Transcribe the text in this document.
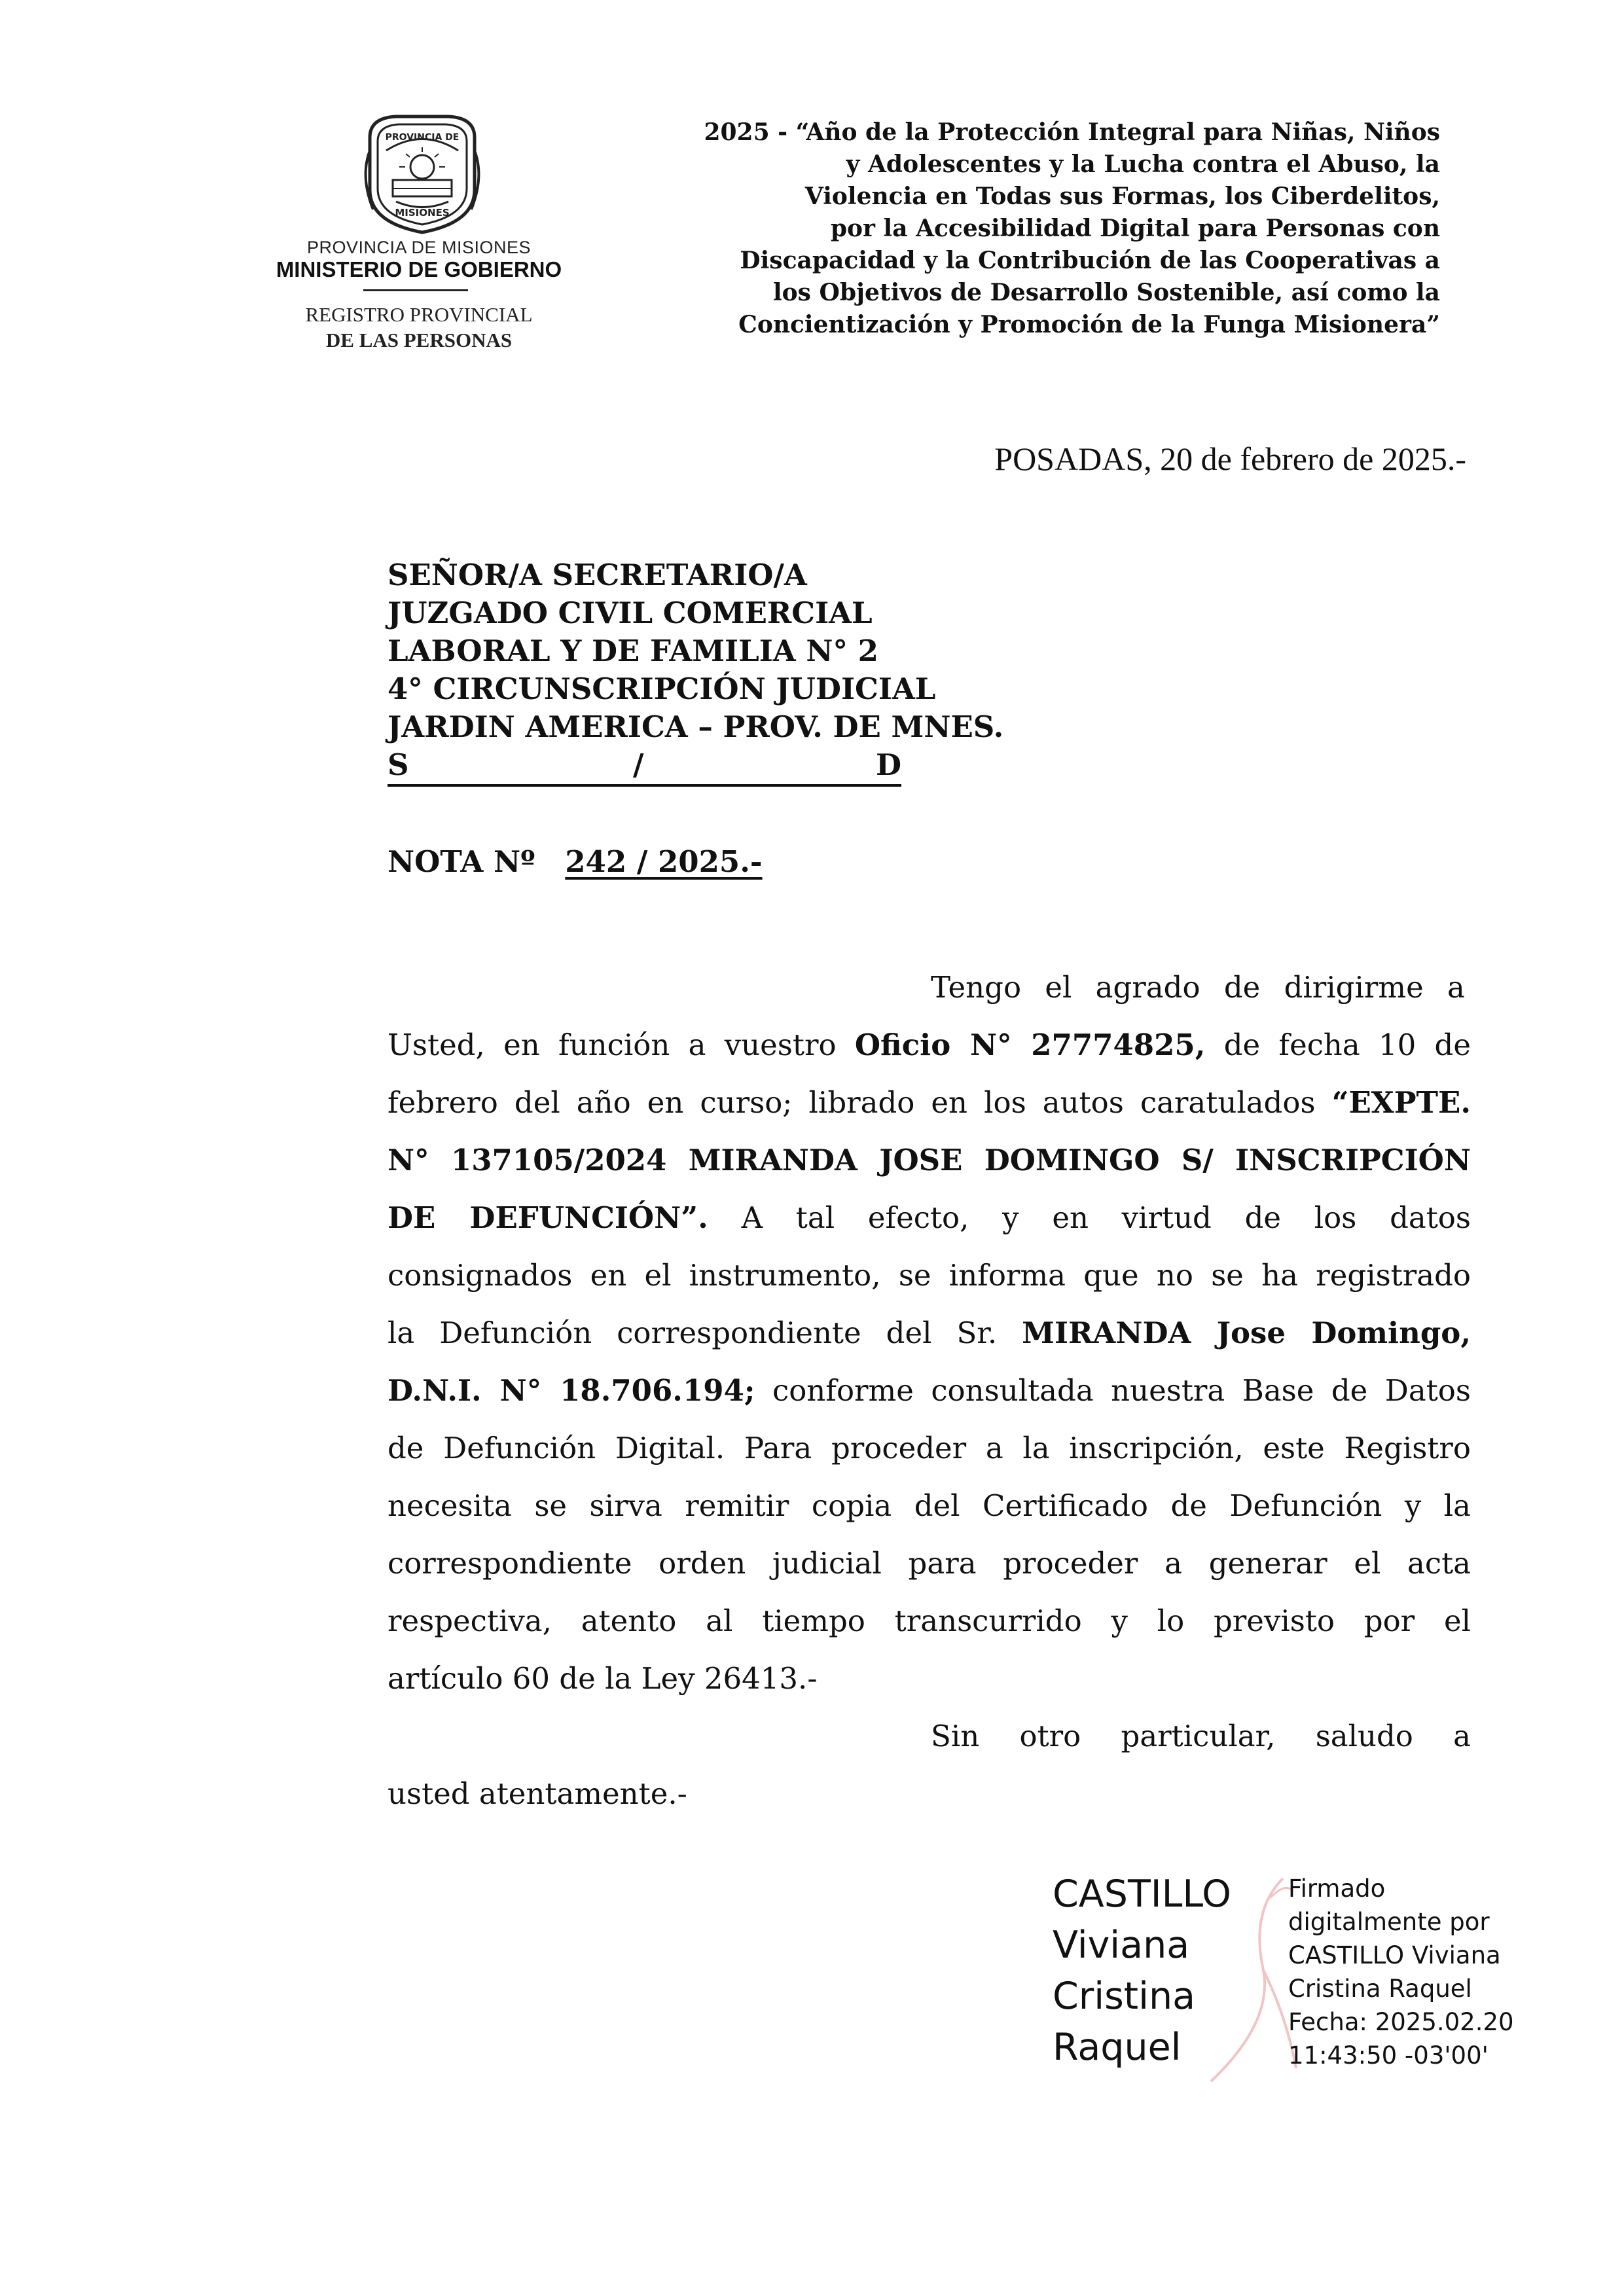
PROVINCIA DE
MISIONES
PROVINCIA DE MISIONES
MINISTERIO DE GOBIERNO
REGISTRO PROVINCIAL
DE LAS PERSONAS
2025 - “Año de la Protección Integral para Niñas, Niños
y Adolescentes y la Lucha contra el Abuso, la
Violencia en Todas sus Formas, los Ciberdelitos,
por la Accesibilidad Digital para Personas con
Discapacidad y la Contribución de las Cooperativas a
los Objetivos de Desarrollo Sostenible, así como la
Concientización y Promoción de la Funga Misionera”
POSADAS, 20 de febrero de 2025.-
SEÑOR/A SECRETARIO/A
JUZGADO CIVIL COMERCIAL
LABORAL Y DE FAMILIA N° 2
4° CIRCUNSCRIPCIÓN JUDICIAL
JARDIN AMERICA – PROV. DE MNES.
S	/	D
NOTA Nº 242 / 2025.-
Tengo el agrado de dirigirme a
Usted, en función a vuestro Oficio N° 27774825, de fecha 10 de
febrero del año en curso; librado en los autos caratulados “EXPTE.
N° 137105/2024 MIRANDA JOSE DOMINGO S/ INSCRIPCIÓN
DE DEFUNCIÓN”. A tal efecto, y en virtud de los datos
consignados en el instrumento, se informa que no se ha registrado
la Defunción correspondiente del Sr. MIRANDA Jose Domingo,
D.N.I. N° 18.706.194; conforme consultada nuestra Base de Datos
de Defunción Digital. Para proceder a la inscripción, este Registro
necesita se sirva remitir copia del Certificado de Defunción y la
correspondiente orden judicial para proceder a generar el acta
respectiva, atento al tiempo transcurrido y lo previsto por el
artículo 60 de la Ley 26413.-
Sin otro particular, saludo a
usted atentamente.-
CASTILLO
Viviana
Cristina
Raquel
Firmado
digitalmente por
CASTILLO Viviana
Cristina Raquel
Fecha: 2025.02.20
11:43:50 -03'00'
